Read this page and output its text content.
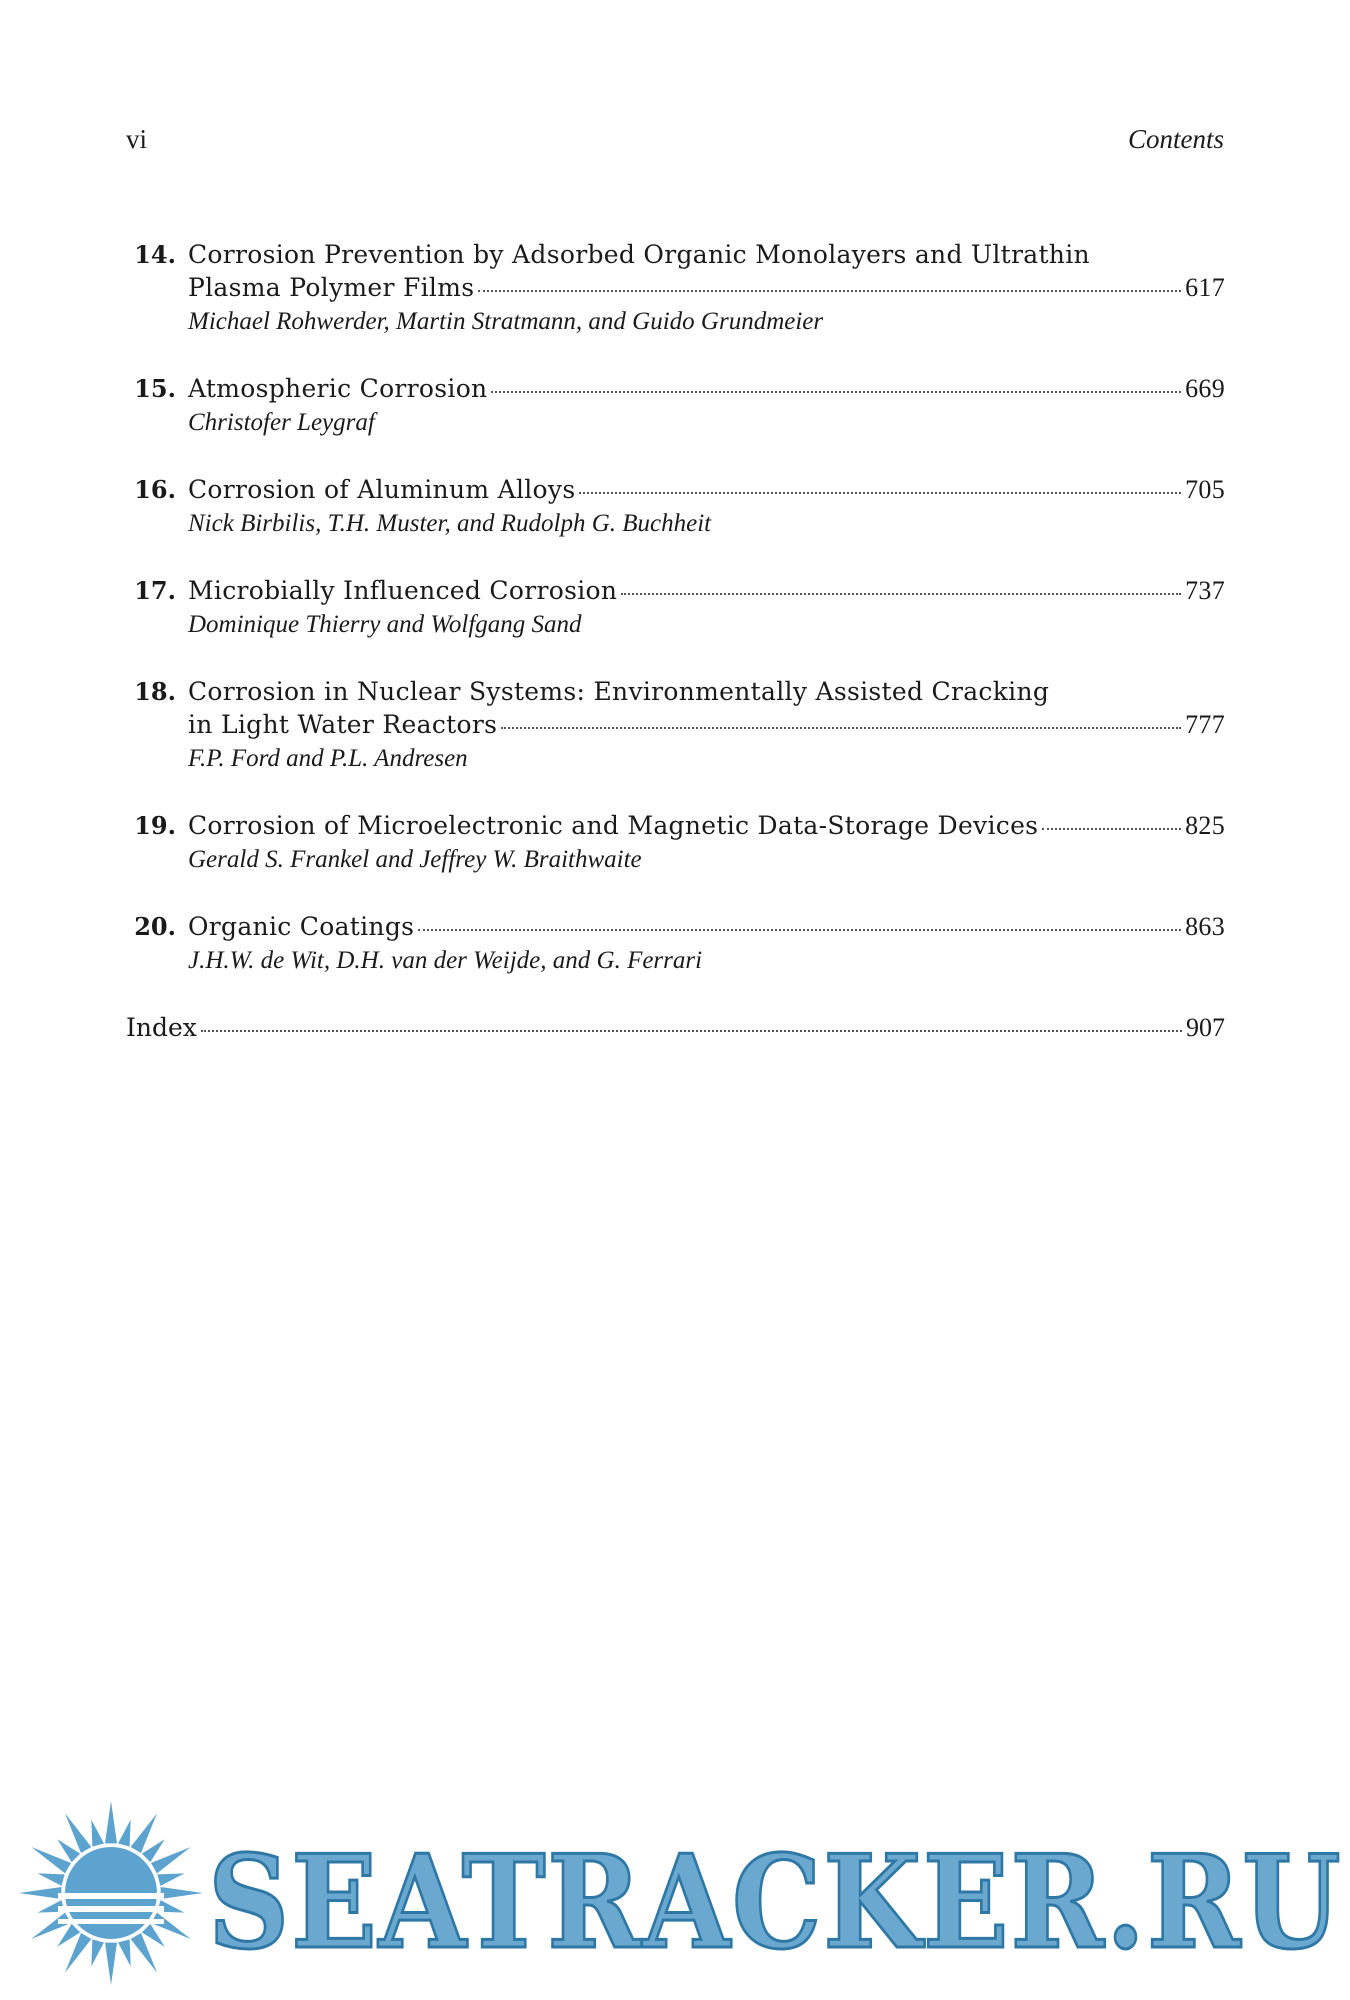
vi	Contents
14. Corrosion Prevention by Adsorbed Organic Monolayers and Ultrathin
Plasma Polymer Films	617
Michael Rohwerder, Martin Stratmann, and Guido Grundmeier
15. Atmospheric Corrosion	669
Christofer Leygraf
16. Corrosion of Aluminum Alloys	705
Nick Birbilis, T.H. Muster, and Rudolph G. Buchheit
17. Microbially Influenced Corrosion	737
Dominique Thierry and Wolfgang Sand
18. Corrosion in Nuclear Systems: Environmentally Assisted Cracking
in Light Water Reactors	777
F.P. Ford and P.L. Andresen
19. Corrosion of Microelectronic and Magnetic Data-Storage Devices	825
Gerald S. Frankel and Jeffrey W. Braithwaite
20. Organic Coatings	863
J.H.W. de Wit, D.H. van der Weijde, and G. Ferrari
Index	907
SEATRACKER.RU
